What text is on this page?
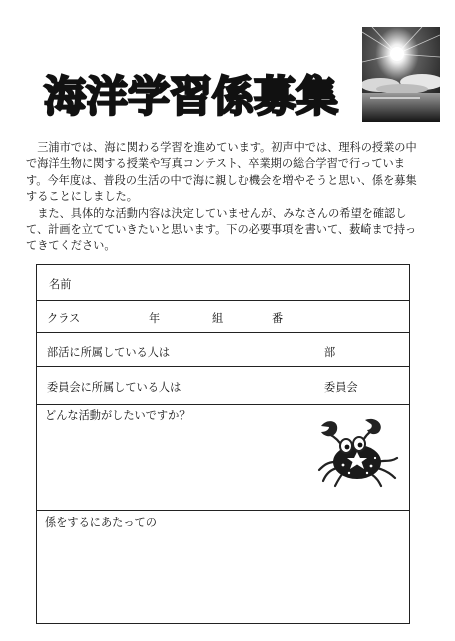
海洋学習係募集

三浦市では、海に関わる学習を進めています。初声中では、理科の授業の中で海洋生物に関する授業や写真コンテスト、卒業期の総合学習で行っています。今年度は、普段の生活の中で海に親しむ機会を増やそうと思い、係を募集することにしました。

また、具体的な活動内容は決定していませんが、みなさんの希望を確認して、計画を立てていきたいと思います。下の必要事項を書いて、薮崎まで持ってきてください。

名前
クラス	年	組	番
部活に所属している人は	部
委員会に所属している人は	委員会
どんな活動がしたいですか？
係をするにあたっての
